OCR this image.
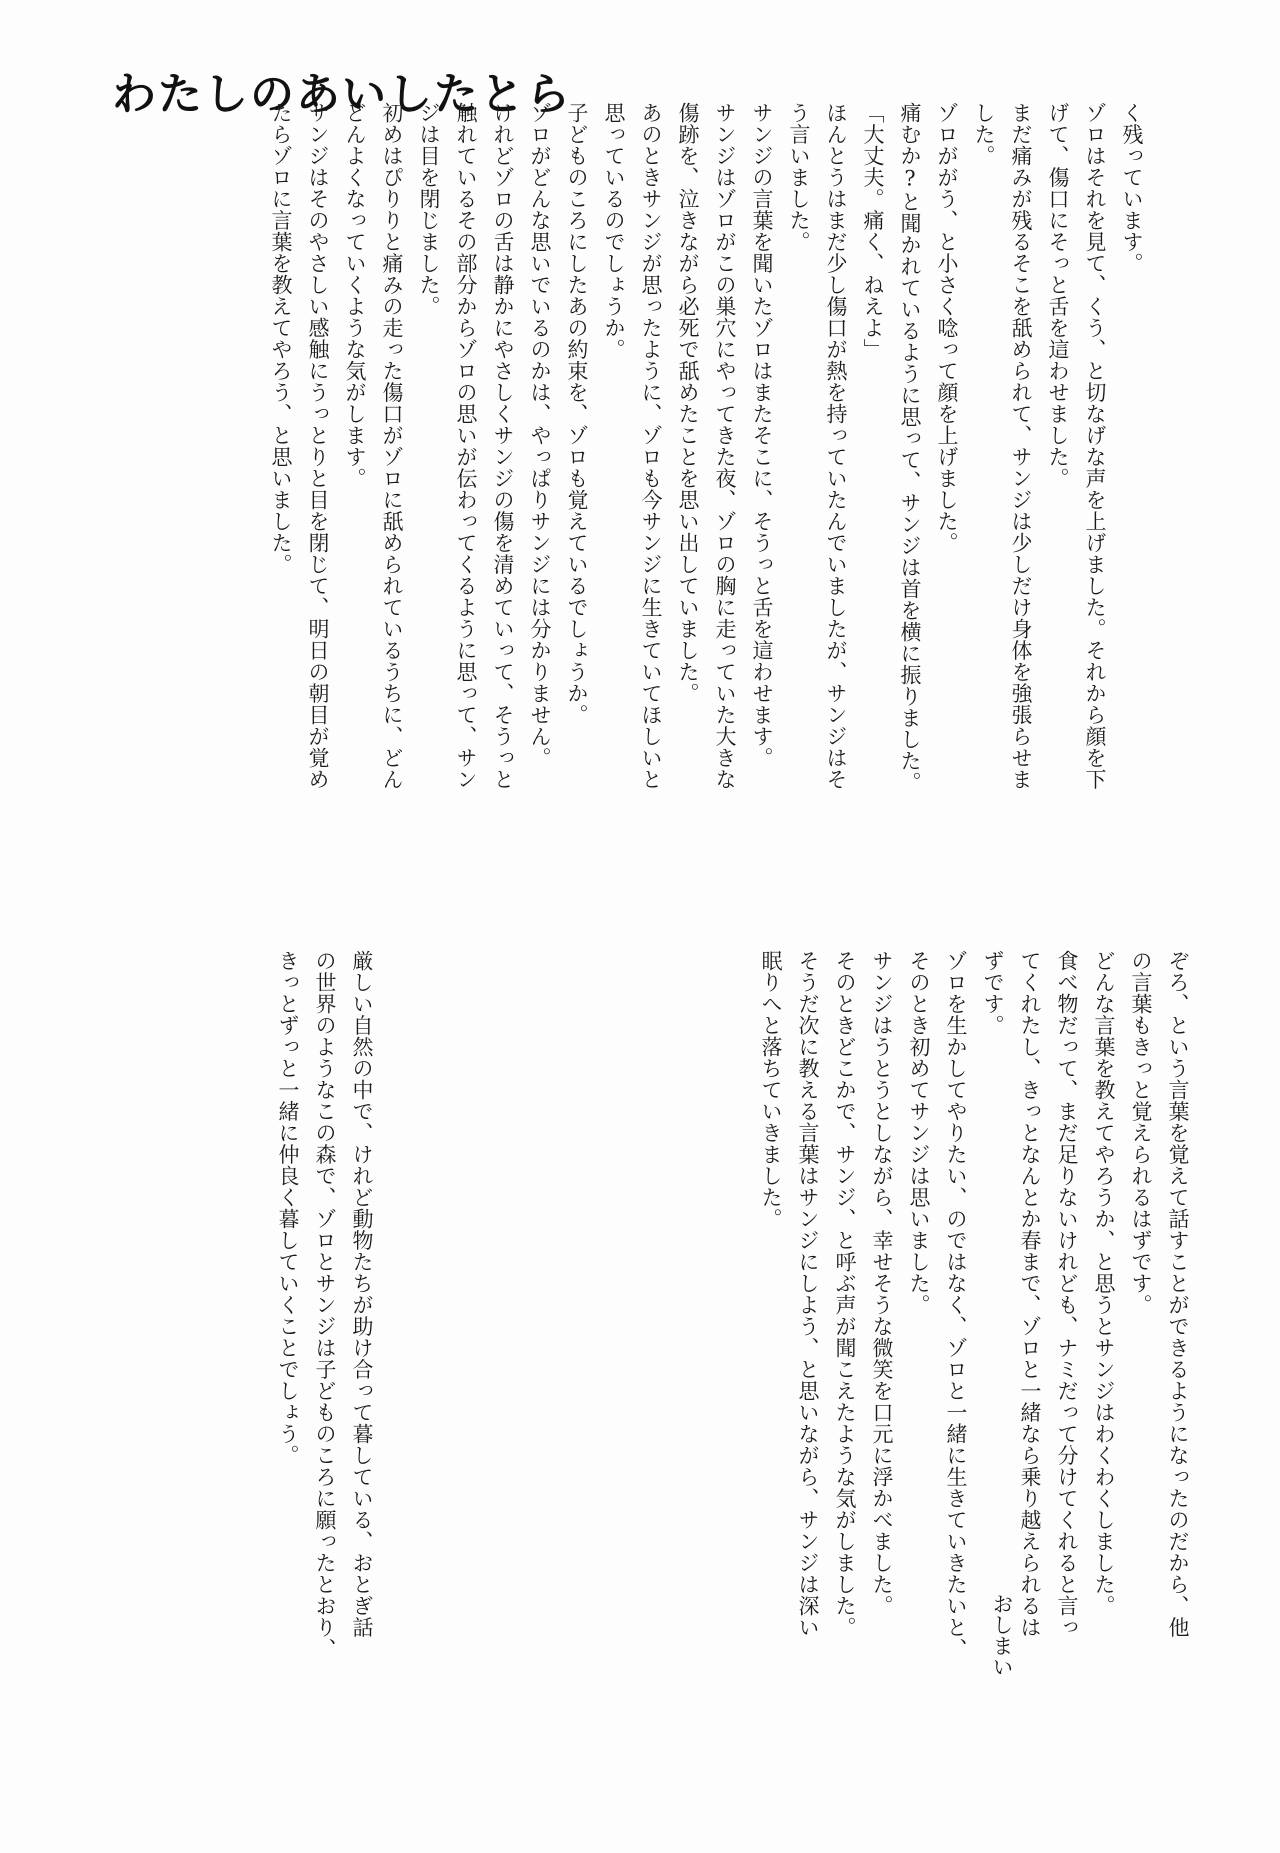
わたしのあいしたとら

く残っています。

ゾロはそれを見て、くう、と切なげな声を上げました。それから顔を下

げて、傷口にそっと舌を這わせました。

まだ痛みが残るそこを舐められて、サンジは少しだけ身体を強張らせま

した。

ゾロががう、と小さく唸って顔を上げました。

痛むか?と聞かれているように思って、サンジは首を横に振りました。

「大丈夫。痛く、ねえよ」

ほんとうはまだ少し傷口が熱を持っていたんでいましたが、サンジはそ

う言いました。

サンジの言葉を聞いたゾロはまたそこに、そうっと舌を這わせます。

サンジはゾロがこの巣穴にやってきた夜、ゾロの胸に走っていた大きな

傷跡を、泣きながら必死で舐めたことを思い出していました。

あのときサンジが思ったように、ゾロも今サンジに生きていてほしいと

思っているのでしょうか。

子どものころにしたあの約束を、ゾロも覚えているでしょうか。

ゾロがどんな思いでいるのかは、やっぱりサンジには分かりません。

けれどゾロの舌は静かにやさしくサンジの傷を清めていって、そうっと

触れているその部分からゾロの思いが伝わってくるように思って、サン

ジは目を閉じました。

初めはぴりりと痛みの走った傷口がゾロに舐められているうちに、どん

どんよくなっていくような気がします。

サンジはそのやさしい感触にうっとりと目を閉じて、明日の朝目が覚め

たらゾロに言葉を教えてやろう、と思いました。

ぞろ、という言葉を覚えて話すことができるようになったのだから、他

の言葉もきっと覚えられるはずです。

どんな言葉を教えてやろうか、と思うとサンジはわくわくしました。

食べ物だって、まだ足りないけれども、ナミだって分けてくれると言っ

てくれたし、きっとなんとか春まで、ゾロと一緒なら乗り越えられるは

ずです。

ゾロを生かしてやりたい、のではなく、ゾロと一緒に生きていきたいと、

そのとき初めてサンジは思いました。

サンジはうとうとしながら、幸せそうな微笑を口元に浮かべました。

そのときどこかで、サンジ、と呼ぶ声が聞こえたような気がしました。

そうだ次に教える言葉はサンジにしよう、と思いながら、サンジは深い

眠りへと落ちていきました。

厳しい自然の中で、けれど動物たちが助け合って暮している、おとぎ話

の世界のようなこの森で、ゾロとサンジは子どものころに願ったとおり、

きっとずっと一緒に仲良く暮していくことでしょう。

おしまい
